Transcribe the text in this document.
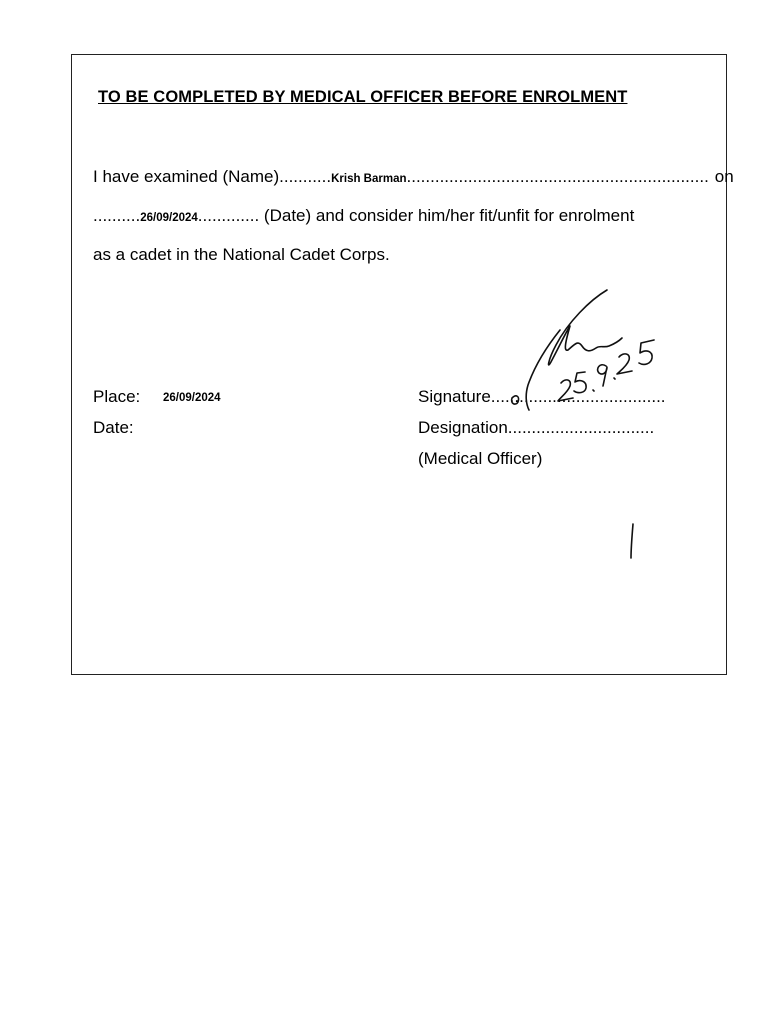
TO BE COMPLETED BY MEDICAL OFFICER BEFORE ENROLMENT
I have examined (Name)........... Krish Barman ................................................................ on
.......... 26/09/2024 ............. (Date) and consider him/her fit/unfit for enrolment
as a cadet in the National Cadet Corps.
Place: 26/09/2024
Date:
Signature.....................................
Designation...............................
(Medical Officer)
